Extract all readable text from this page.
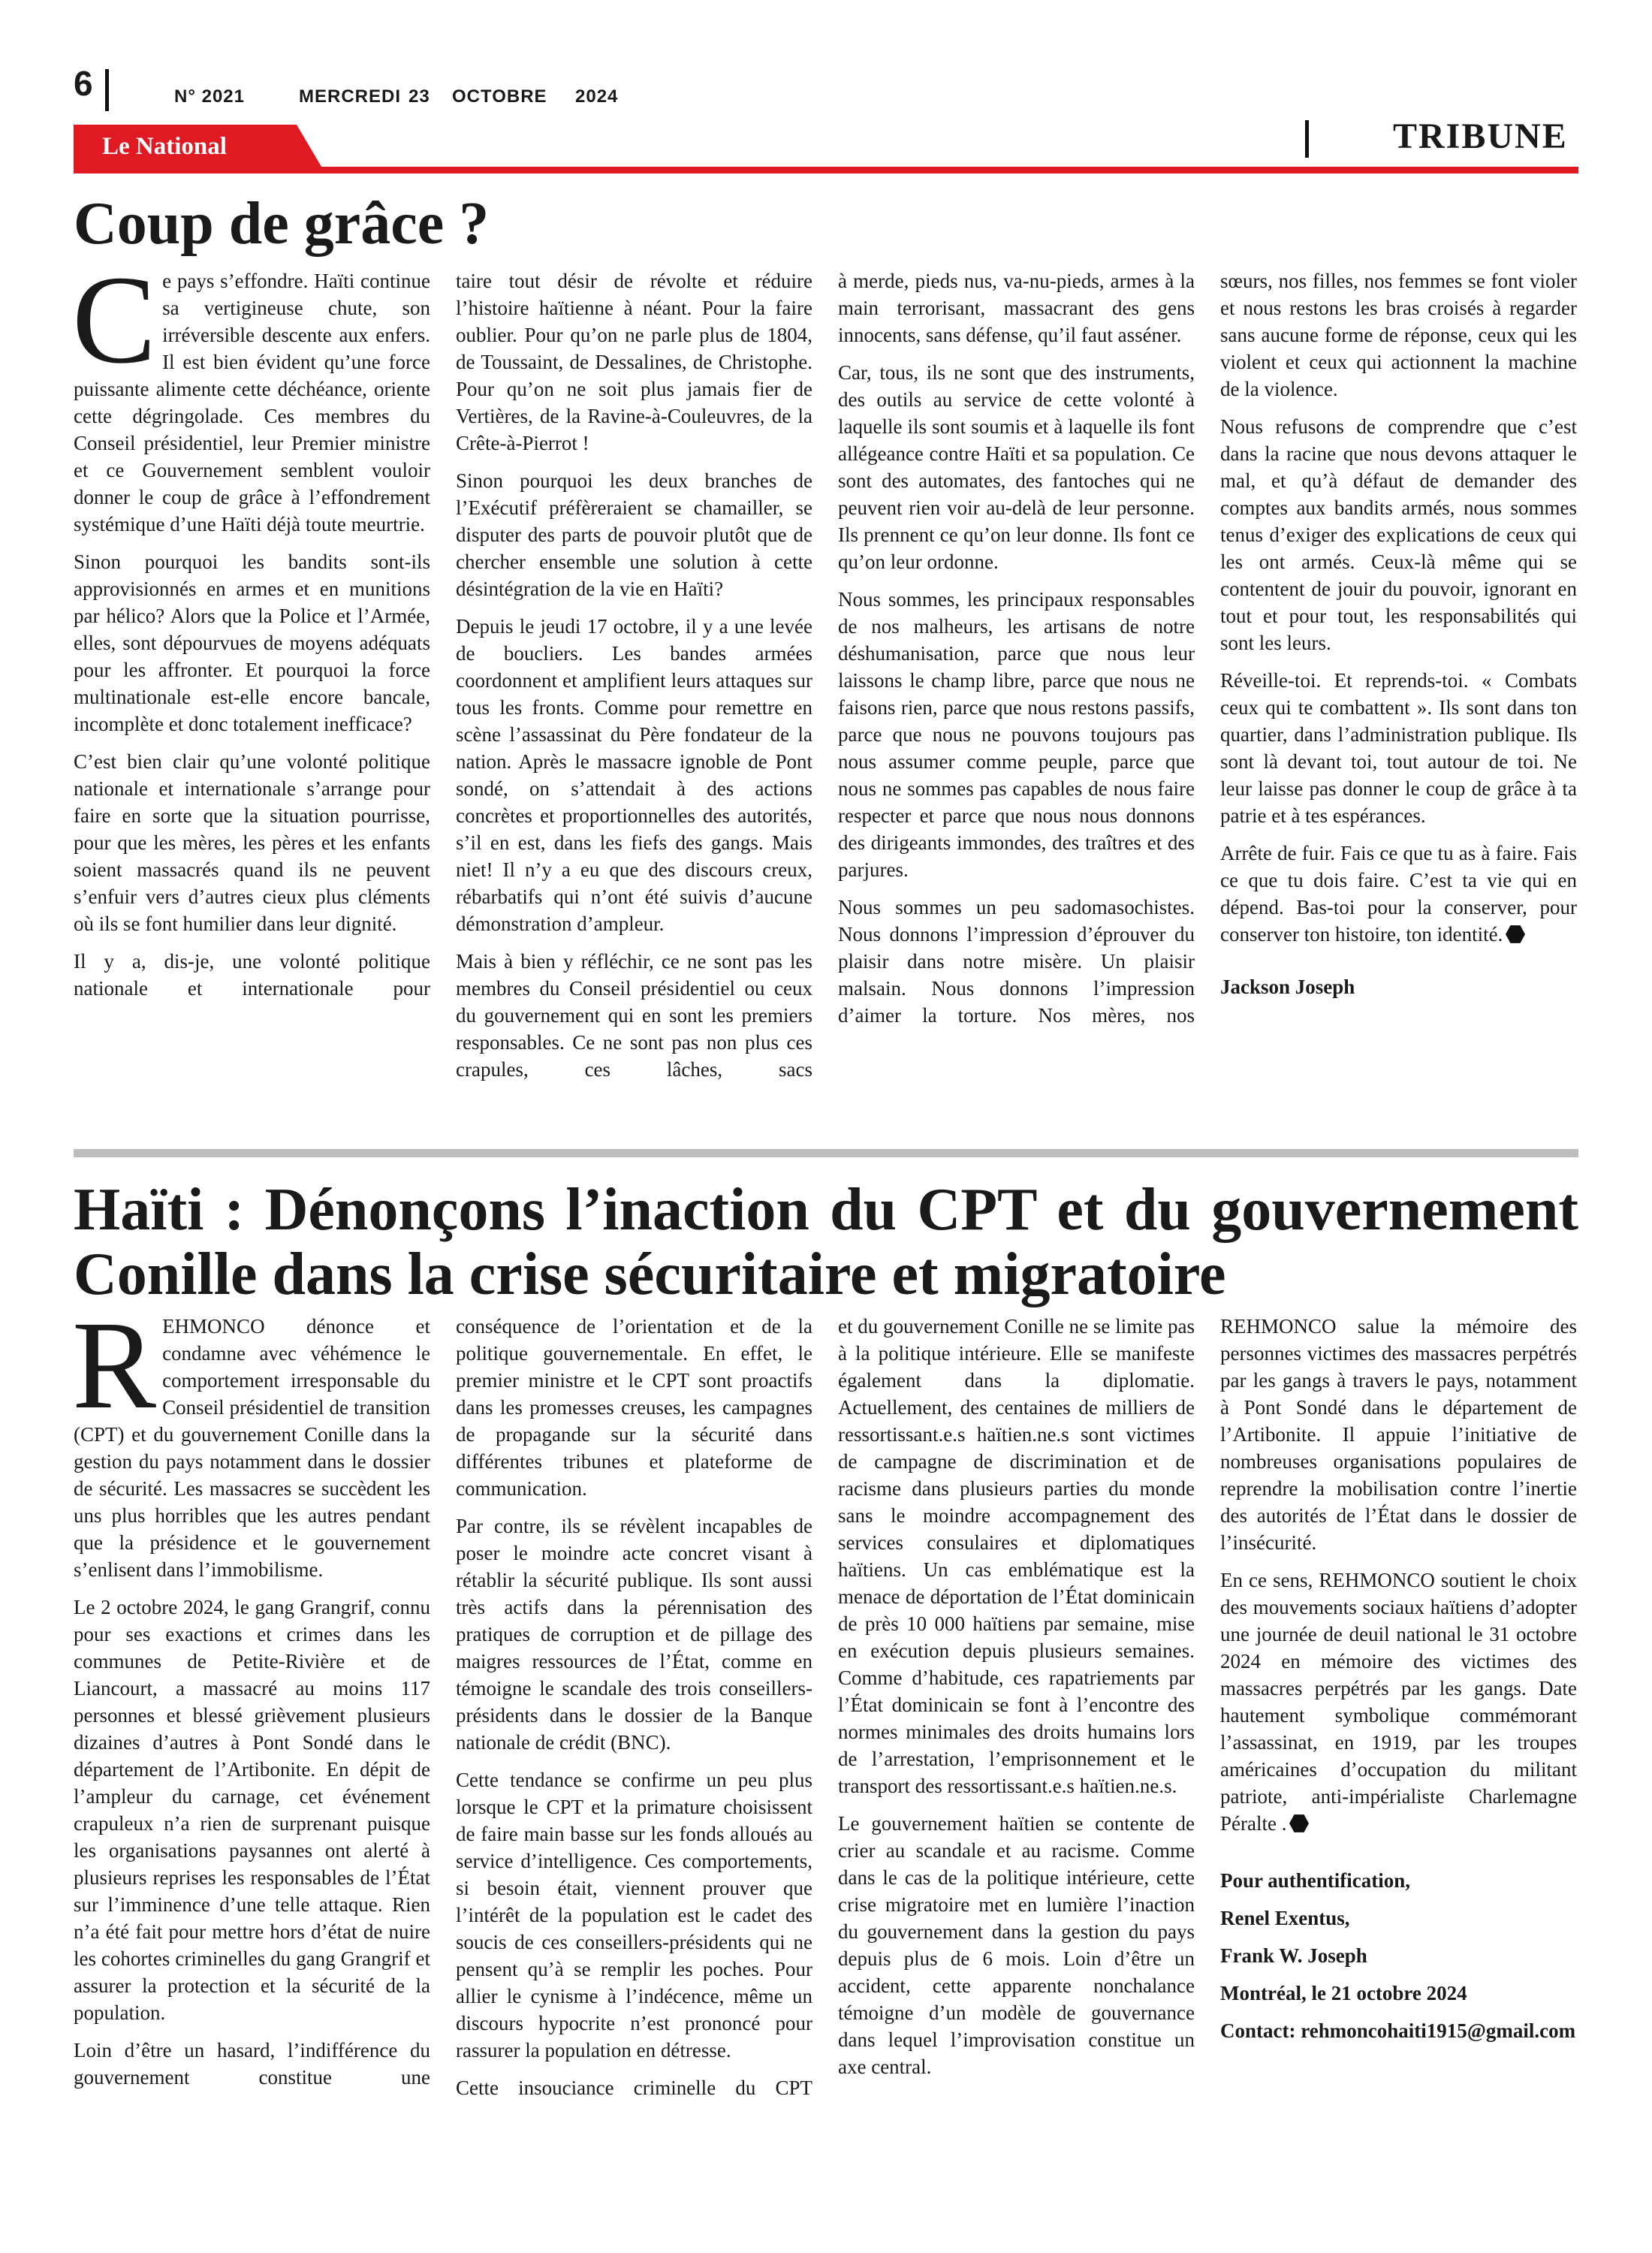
6	N° 2021	MERCREDI 23 OCTOBRE 2024
Le National	TRIBUNE
Coup de grâce ?

Ce pays s’effondre. Haïti continue sa vertigineuse chute, son irréversible descente aux enfers. Il est bien évident qu’une force puissante alimente cette déchéance, oriente cette dégringolade. Ces membres du Conseil présidentiel, leur Premier ministre et ce Gouvernement semblent vouloir donner le coup de grâce à l’effondrement systémique d’une Haïti déjà toute meurtrie.

Sinon pourquoi les bandits sont-ils approvisionnés en armes et en munitions par hélico? Alors que la Police et l’Armée, elles, sont dépourvues de moyens adéquats pour les affronter. Et pourquoi la force multinationale est-elle encore bancale, incomplète et donc totalement inefficace?

C’est bien clair qu’une volonté politique nationale et internationale s’arrange pour faire en sorte que la situation pourrisse, pour que les mères, les pères et les enfants soient massacrés quand ils ne peuvent s’enfuir vers d’autres cieux plus cléments où ils se font humilier dans leur dignité.

Il y a, dis-je, une volonté politique nationale et internationale pour

taire tout désir de révolte et réduire l’histoire haïtienne à néant. Pour la faire oublier. Pour qu’on ne parle plus de 1804, de Toussaint, de Dessalines, de Christophe. Pour qu’on ne soit plus jamais fier de Vertières, de la Ravine-à-Couleuvres, de la Crête-à-Pierrot !

Sinon pourquoi les deux branches de l’Exécutif préfèreraient se chamailler, se disputer des parts de pouvoir plutôt que de chercher ensemble une solution à cette désintégration de la vie en Haïti?

Depuis le jeudi 17 octobre, il y a une levée de boucliers. Les bandes armées coordonnent et amplifient leurs attaques sur tous les fronts. Comme pour remettre en scène l’assassinat du Père fondateur de la nation. Après le massacre ignoble de Pont sondé, on s’attendait à des actions concrètes et proportionnelles des autorités, s’il en est, dans les fiefs des gangs. Mais niet! Il n’y a eu que des discours creux, rébarbatifs qui n’ont été suivis d’aucune démonstration d’ampleur.

Mais à bien y réfléchir, ce ne sont pas les membres du Conseil présidentiel ou ceux du gouvernement qui en sont les premiers responsables. Ce ne sont pas non plus ces crapules, ces lâches, sacs

à merde, pieds nus, va-nu-pieds, armes à la main terrorisant, massacrant des gens innocents, sans défense, qu’il faut asséner.

Car, tous, ils ne sont que des instruments, des outils au service de cette volonté à laquelle ils sont soumis et à laquelle ils font allégeance contre Haïti et sa population. Ce sont des automates, des fantoches qui ne peuvent rien voir au-delà de leur personne. Ils prennent ce qu’on leur donne. Ils font ce qu’on leur ordonne.

Nous sommes, les principaux responsables de nos malheurs, les artisans de notre déshumanisation, parce que nous leur laissons le champ libre, parce que nous ne faisons rien, parce que nous restons passifs, parce que nous ne pouvons toujours pas nous assumer comme peuple, parce que nous ne sommes pas capables de nous faire respecter et parce que nous nous donnons des dirigeants immondes, des traîtres et des parjures.

Nous sommes un peu sadomasochistes. Nous donnons l’impression d’éprouver du plaisir dans notre misère. Un plaisir malsain. Nous donnons l’impression d’aimer la torture. Nos mères, nos

sœurs, nos filles, nos femmes se font violer et nous restons les bras croisés à regarder sans aucune forme de réponse, ceux qui les violent et ceux qui actionnent la machine de la violence.

Nous refusons de comprendre que c’est dans la racine que nous devons attaquer le mal, et qu’à défaut de demander des comptes aux bandits armés, nous sommes tenus d’exiger des explications de ceux qui les ont armés. Ceux-là même qui se contentent de jouir du pouvoir, ignorant en tout et pour tout, les responsabilités qui sont les leurs.

Réveille-toi. Et reprends-toi. « Combats ceux qui te combattent ». Ils sont dans ton quartier, dans l’administration publique. Ils sont là devant toi, tout autour de toi. Ne leur laisse pas donner le coup de grâce à ta patrie et à tes espérances.

Arrête de fuir. Fais ce que tu as à faire. Fais ce que tu dois faire. C’est ta vie qui en dépend. Bas-toi pour la conserver, pour conserver ton histoire, ton identité.

Jackson Joseph

Haïti : Dénonçons l’inaction du CPT et du gouvernement Conille dans la crise sécuritaire et migratoire

REHMONCO dénonce et condamne avec véhémence le comportement irresponsable du Conseil présidentiel de transition (CPT) et du gouvernement Conille dans la gestion du pays notamment dans le dossier de sécurité. Les massacres se succèdent les uns plus horribles que les autres pendant que la présidence et le gouvernement s’enlisent dans l’immobilisme.

Le 2 octobre 2024, le gang Grangrif, connu pour ses exactions et crimes dans les communes de Petite-Rivière et de Liancourt, a massacré au moins 117 personnes et blessé grièvement plusieurs dizaines d’autres à Pont Sondé dans le département de l’Artibonite. En dépit de l’ampleur du carnage, cet événement crapuleux n’a rien de surprenant puisque les organisations paysannes ont alerté à plusieurs reprises les responsables de l’État sur l’imminence d’une telle attaque. Rien n’a été fait pour mettre hors d’état de nuire les cohortes criminelles du gang Grangrif et assurer la protection et la sécurité de la population.

Loin d’être un hasard, l’indifférence du gouvernement constitue une

conséquence de l’orientation et de la politique gouvernementale. En effet, le premier ministre et le CPT sont proactifs dans les promesses creuses, les campagnes de propagande sur la sécurité dans différentes tribunes et plateforme de communication.

Par contre, ils se révèlent incapables de poser le moindre acte concret visant à rétablir la sécurité publique. Ils sont aussi très actifs dans la pérennisation des pratiques de corruption et de pillage des maigres ressources de l’État, comme en témoigne le scandale des trois conseillers-présidents dans le dossier de la Banque nationale de crédit (BNC).

Cette tendance se confirme un peu plus lorsque le CPT et la primature choisissent de faire main basse sur les fonds alloués au service d’intelligence. Ces comportements, si besoin était, viennent prouver que l’intérêt de la population est le cadet des soucis de ces conseillers-présidents qui ne pensent qu’à se remplir les poches. Pour allier le cynisme à l’indécence, même un discours hypocrite n’est prononcé pour rassurer la population en détresse.

Cette insouciance criminelle du CPT

et du gouvernement Conille ne se limite pas à la politique intérieure. Elle se manifeste également dans la diplomatie. Actuellement, des centaines de milliers de ressortissant.e.s haïtien.ne.s sont victimes de campagne de discrimination et de racisme dans plusieurs parties du monde sans le moindre accompagnement des services consulaires et diplomatiques haïtiens. Un cas emblématique est la menace de déportation de l’État dominicain de près 10 000 haïtiens par semaine, mise en exécution depuis plusieurs semaines. Comme d’habitude, ces rapatriements par l’État dominicain se font à l’encontre des normes minimales des droits humains lors de l’arrestation, l’emprisonnement et le transport des ressortissant.e.s haïtien.ne.s.

Le gouvernement haïtien se contente de crier au scandale et au racisme. Comme dans le cas de la politique intérieure, cette crise migratoire met en lumière l’inaction du gouvernement dans la gestion du pays depuis plus de 6 mois. Loin d’être un accident, cette apparente nonchalance témoigne d’un modèle de gouvernance dans lequel l’improvisation constitue un axe central.

REHMONCO salue la mémoire des personnes victimes des massacres perpétrés par les gangs à travers le pays, notamment à Pont Sondé dans le département de l’Artibonite. Il appuie l’initiative de nombreuses organisations populaires de reprendre la mobilisation contre l’inertie des autorités de l’État dans le dossier de l’insécurité.

En ce sens, REHMONCO soutient le choix des mouvements sociaux haïtiens d’adopter une journée de deuil national le 31 octobre 2024 en mémoire des victimes des massacres perpétrés par les gangs. Date hautement symbolique commémorant l’assassinat, en 1919, par les troupes américaines d’occupation du militant patriote, anti-impérialiste Charlemagne Péralte .

Pour authentification,

Renel Exentus,

Frank W. Joseph

Montréal, le 21 octobre 2024

Contact: rehmoncohaiti1915@gmail.com
